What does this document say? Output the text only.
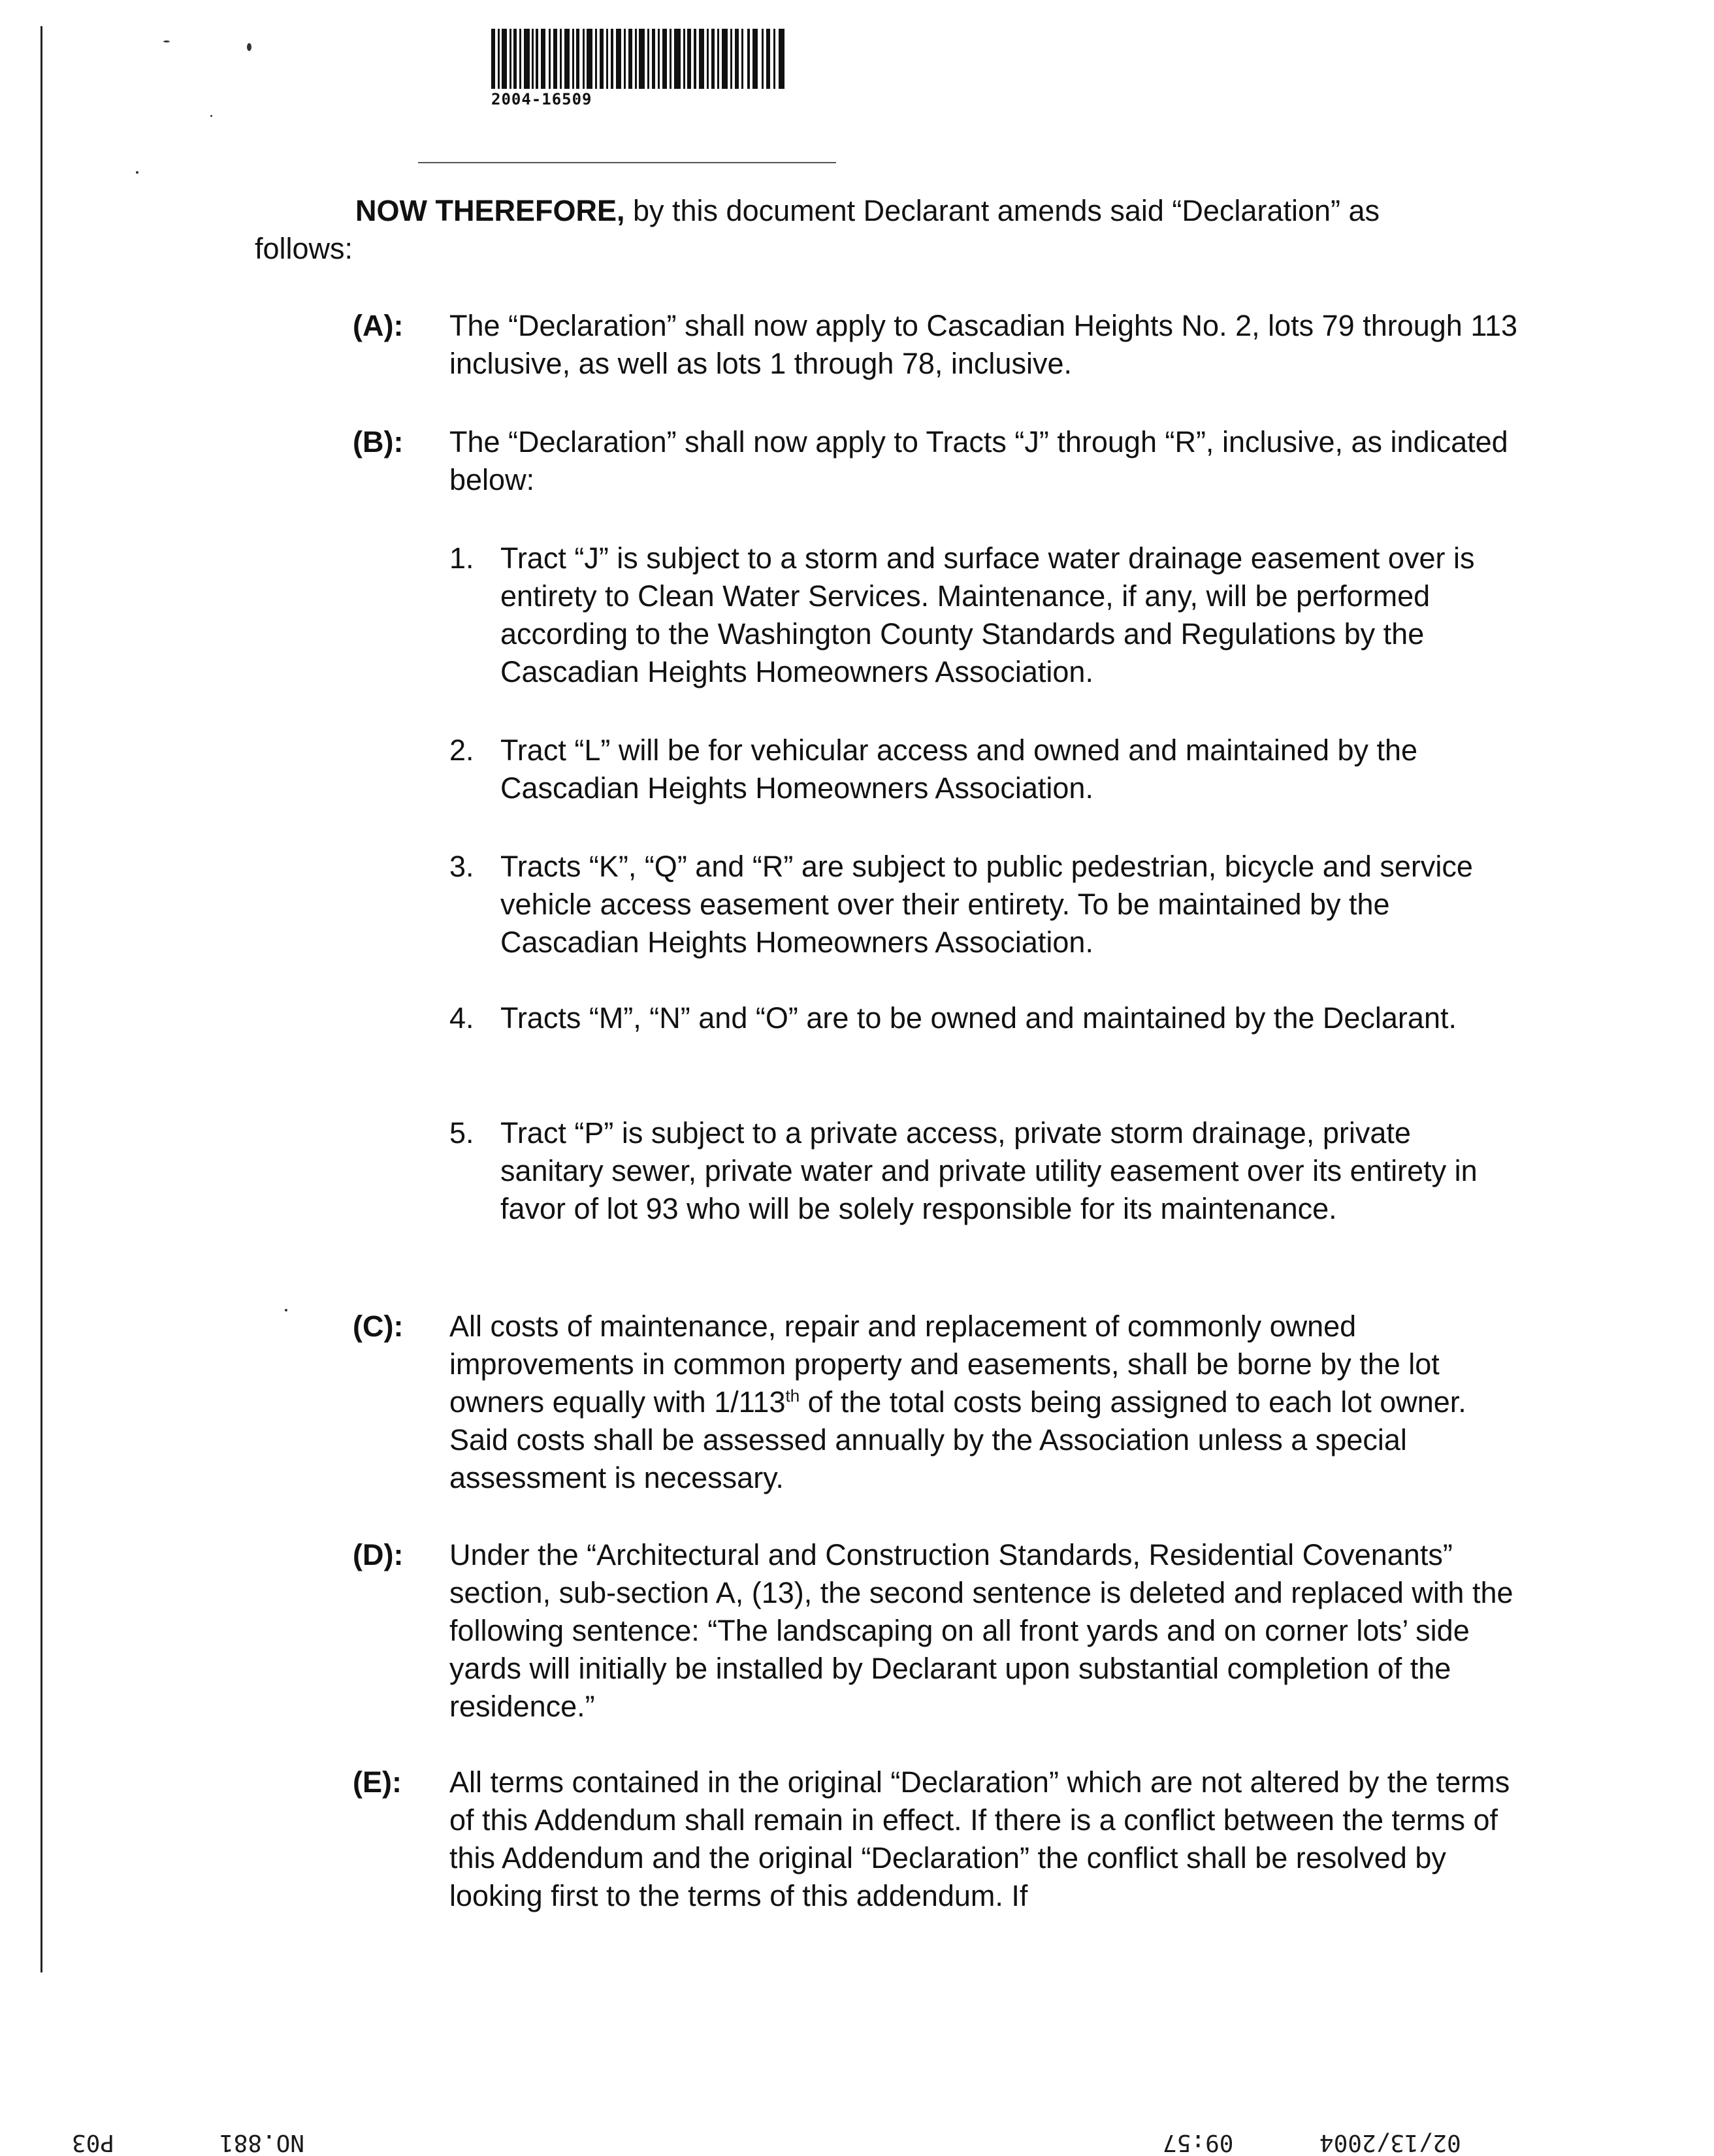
2004-16509
NOW THEREFORE, by this document Declarant amends said “Declaration” as
follows:
(A):	The “Declaration” shall now apply to Cascadian Heights No. 2, lots 79 through 113 inclusive, as well as lots 1 through 78, inclusive.
(B):	The “Declaration” shall now apply to Tracts “J” through “R”, inclusive, as indicated below:
1. Tract “J” is subject to a storm and surface water drainage easement over is entirety to Clean Water Services. Maintenance, if any, will be performed according to the Washington County Standards and Regulations by the Cascadian Heights Homeowners Association.
2. Tract “L” will be for vehicular access and owned and maintained by the Cascadian Heights Homeowners Association.
3. Tracts “K”, “Q” and “R” are subject to public pedestrian, bicycle and service vehicle access easement over their entirety. To be maintained by the Cascadian Heights Homeowners Association.
4. Tracts “M”, “N” and “O” are to be owned and maintained by the Declarant.
5. Tract “P” is subject to a private access, private storm drainage, private sanitary sewer, private water and private utility easement over its entirety in favor of lot 93 who will be solely responsible for its maintenance.
(C):	All costs of maintenance, repair and replacement of commonly owned improvements in common property and easements, shall be borne by the lot owners equally with 1/113th of the total costs being assigned to each lot owner. Said costs shall be assessed annually by the Association unless a special assessment is necessary.
(D):	Under the “Architectural and Construction Standards, Residential Covenants” section, sub-section A, (13), the second sentence is deleted and replaced with the following sentence: “The landscaping on all front yards and on corner lots’ side yards will initially be installed by Declarant upon substantial completion of the residence.”
(E):	All terms contained in the original “Declaration” which are not altered by the terms of this Addendum shall remain in effect. If there is a conflict between the terms of this Addendum and the original “Declaration” the conflict shall be resolved by looking first to the terms of this addendum. If
02/13/2004
09:57
NO.881
P03
